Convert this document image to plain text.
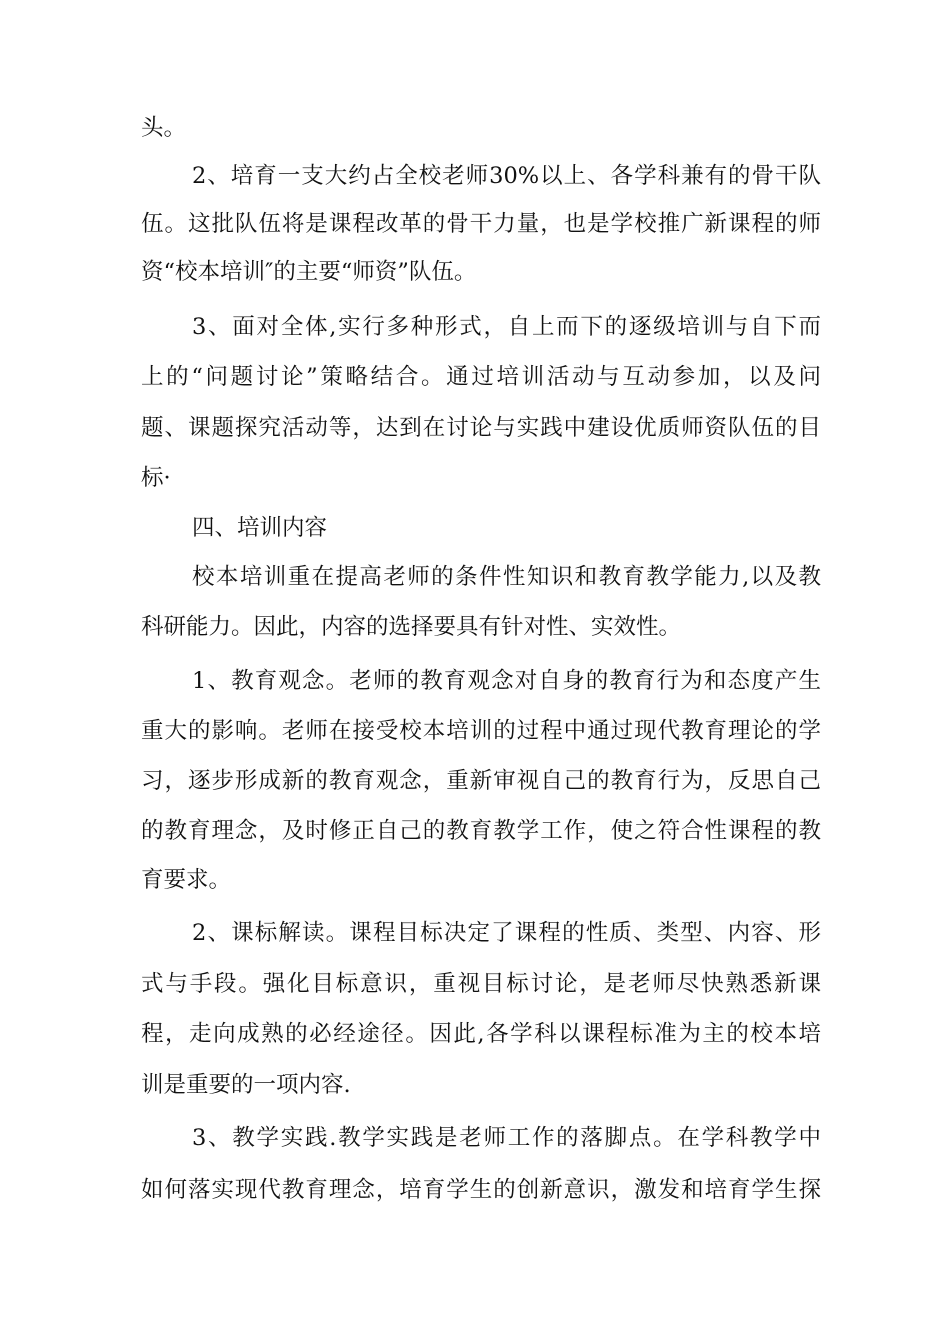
头。
2、培育一支大约占全校老师30%以上、各学科兼有的骨干队
伍。这批队伍将是课程改革的骨干力量，也是学校推广新课程的师
资“校本培训″的主要“师资”队伍。
3、面对全体,实行多种形式，自上而下的逐级培训与自下而
上的“问题讨论”策略结合。通过培训活动与互动参加，以及问
题、课题探究活动等，达到在讨论与实践中建设优质师资队伍的目
标·
四、培训内容
校本培训重在提高老师的条件性知识和教育教学能力,以及教
科研能力。因此，内容的选择要具有针对性、实效性。
1、教育观念。老师的教育观念对自身的教育行为和态度产生
重大的影响。老师在接受校本培训的过程中通过现代教育理论的学
习，逐步形成新的教育观念，重新审视自己的教育行为，反思自己
的教育理念，及时修正自己的教育教学工作，使之符合性课程的教
育要求。
2、课标解读。课程目标决定了课程的性质、类型、内容、形
式与手段。强化目标意识，重视目标讨论，是老师尽快熟悉新课
程，走向成熟的必经途径。因此,各学科以课程标准为主的校本培
训是重要的一项内容.
3、教学实践.教学实践是老师工作的落脚点。在学科教学中
如何落实现代教育理念，培育学生的创新意识，激发和培育学生探
